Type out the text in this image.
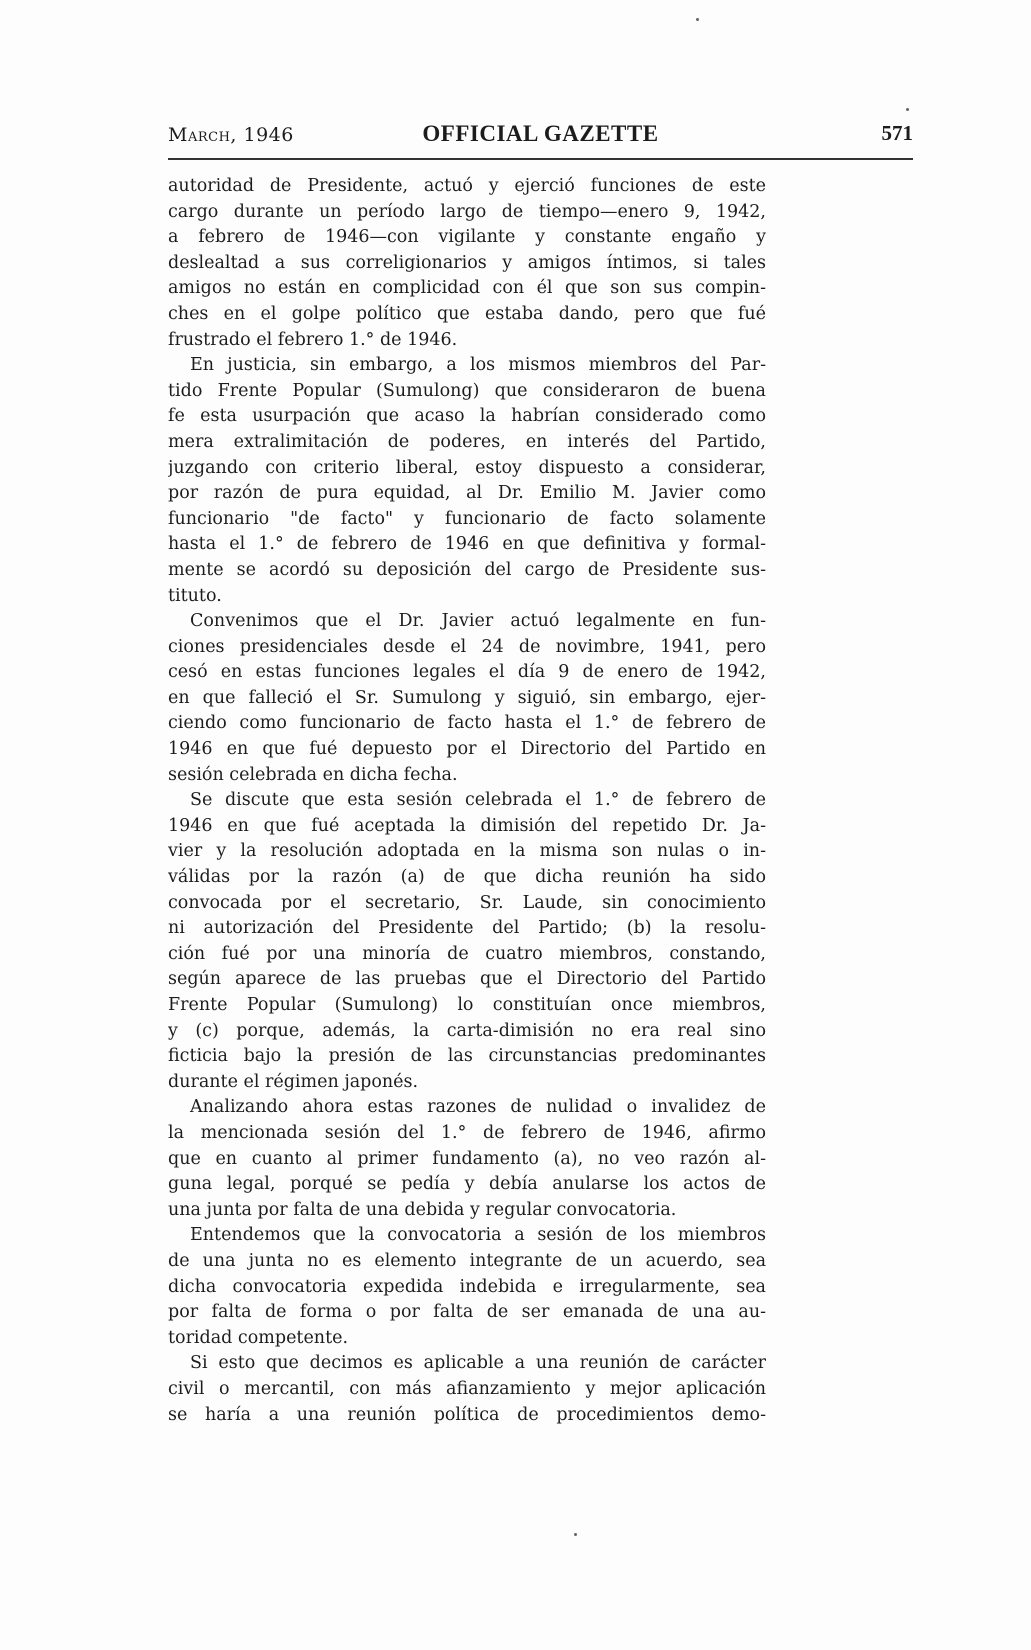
March, 1946	OFFICIAL GAZETTE	571
autoridad de Presidente, actuó y ejerció funciones de este
cargo durante un período largo de tiempo—enero 9, 1942,
a febrero de 1946—con vigilante y constante engaño y
deslealtad a sus correligionarios y amigos íntimos, si tales
amigos no están en complicidad con él que son sus compin-
ches en el golpe político que estaba dando, pero que fué
frustrado el febrero 1.° de 1946.
En justicia, sin embargo, a los mismos miembros del Par-
tido Frente Popular (Sumulong) que consideraron de buena
fe esta usurpación que acaso la habrían considerado como
mera extralimitación de poderes, en interés del Partido,
juzgando con criterio liberal, estoy dispuesto a considerar,
por razón de pura equidad, al Dr. Emilio M. Javier como
funcionario "de facto" y funcionario de facto solamente
hasta el 1.° de febrero de 1946 en que definitiva y formal-
mente se acordó su deposición del cargo de Presidente sus-
tituto.
Convenimos que el Dr. Javier actuó legalmente en fun-
ciones presidenciales desde el 24 de novimbre, 1941, pero
cesó en estas funciones legales el día 9 de enero de 1942,
en que falleció el Sr. Sumulong y siguió, sin embargo, ejer-
ciendo como funcionario de facto hasta el 1.° de febrero de
1946 en que fué depuesto por el Directorio del Partido en
sesión celebrada en dicha fecha.
Se discute que esta sesión celebrada el 1.° de febrero de
1946 en que fué aceptada la dimisión del repetido Dr. Ja-
vier y la resolución adoptada en la misma son nulas o in-
válidas por la razón (a) de que dicha reunión ha sido
convocada por el secretario, Sr. Laude, sin conocimiento
ni autorización del Presidente del Partido; (b) la resolu-
ción fué por una minoría de cuatro miembros, constando,
según aparece de las pruebas que el Directorio del Partido
Frente Popular (Sumulong) lo constituían once miembros,
y (c) porque, además, la carta-dimisión no era real sino
ficticia bajo la presión de las circunstancias predominantes
durante el régimen japonés.
Analizando ahora estas razones de nulidad o invalidez de
la mencionada sesión del 1.° de febrero de 1946, afirmo
que en cuanto al primer fundamento (a), no veo razón al-
guna legal, porqué se pedía y debía anularse los actos de
una junta por falta de una debida y regular convocatoria.
Entendemos que la convocatoria a sesión de los miembros
de una junta no es elemento integrante de un acuerdo, sea
dicha convocatoria expedida indebida e irregularmente, sea
por falta de forma o por falta de ser emanada de una au-
toridad competente.
Si esto que decimos es aplicable a una reunión de carácter
civil o mercantil, con más afianzamiento y mejor aplicación
se haría a una reunión política de procedimientos demo-
